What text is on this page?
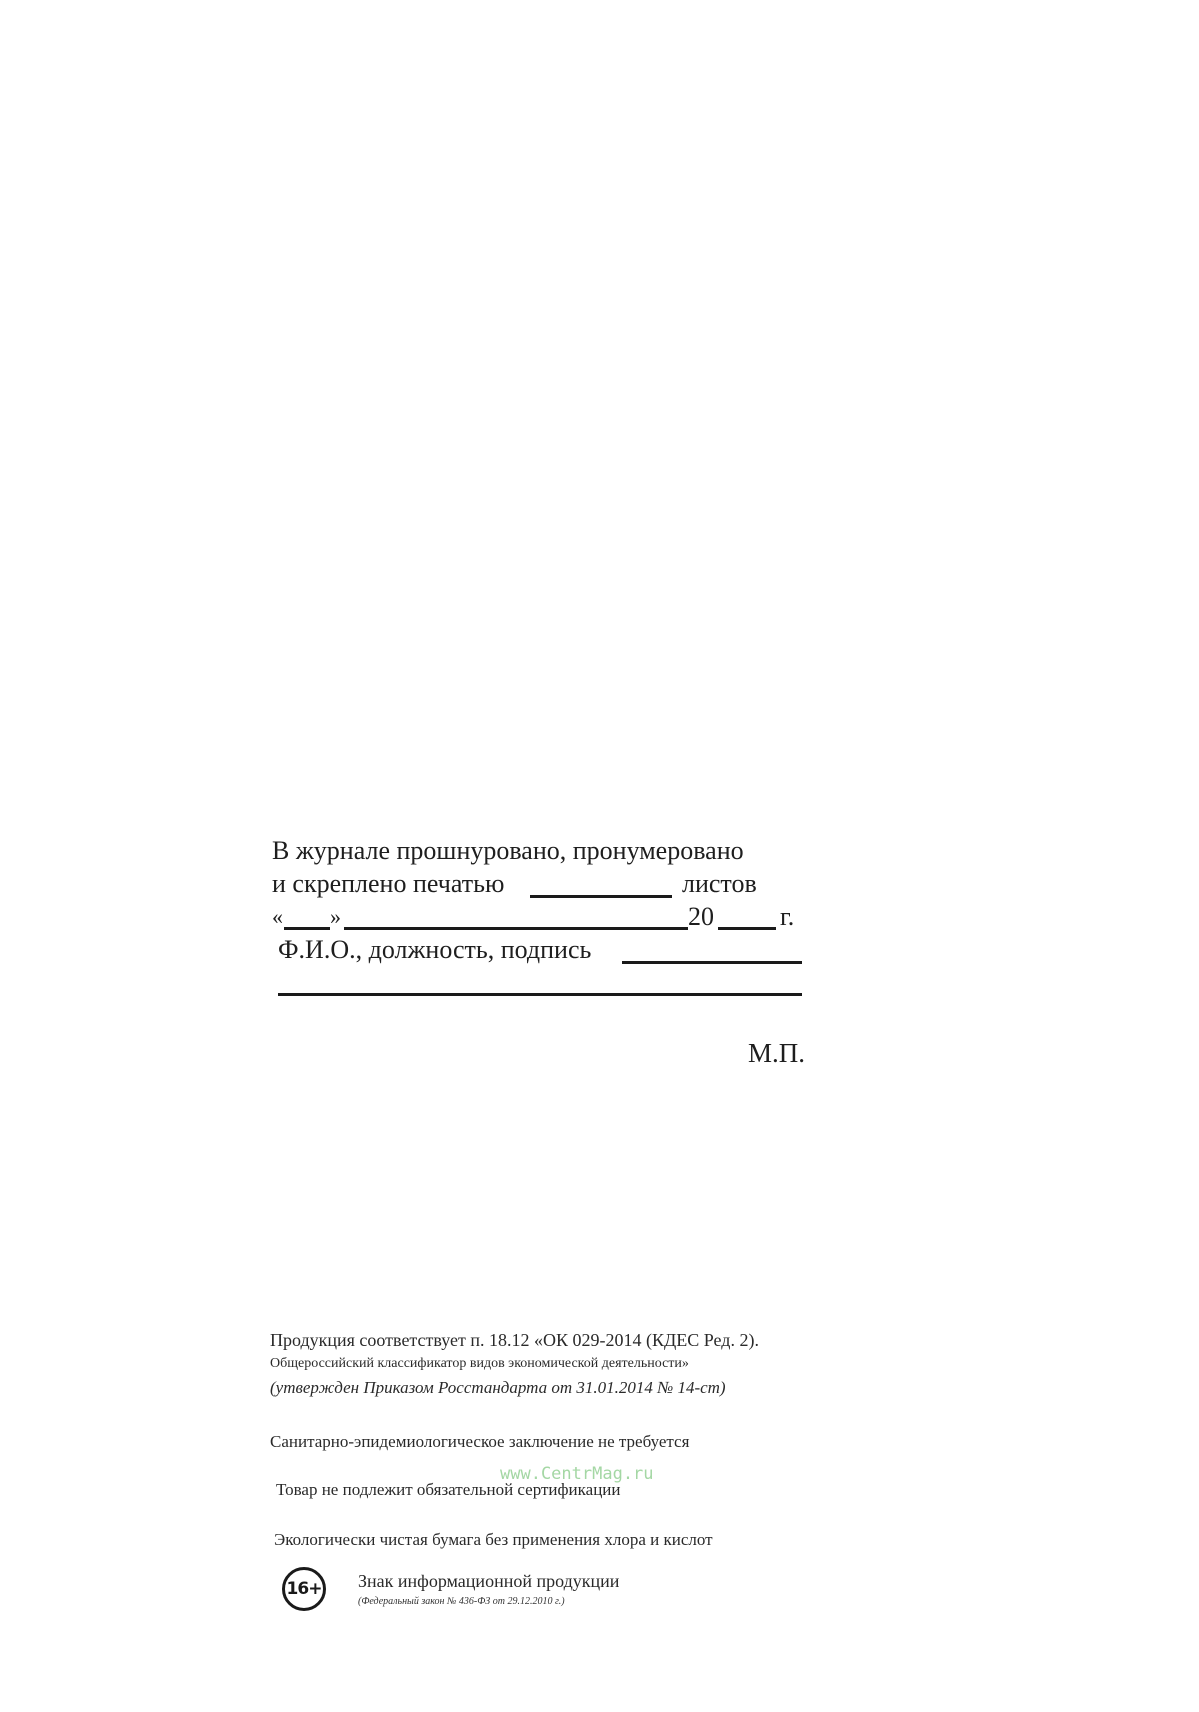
В журнале прошнуровано, пронумеровано
и скреплено печатью	листов
« »	20	г.
Ф.И.О., должность, подпись
М.П.
Продукция соответствует п. 18.12 «ОК 029-2014 (КДЕС Ред. 2).
Общероссийский классификатор видов экономической деятельности»
(утвержден Приказом Росстандарта от 31.01.2014 № 14-ст)
Санитарно-эпидемиологическое заключение не требуется
Товар не подлежит обязательной сертификации
Экологически чистая бумага без применения хлора и кислот
16+ Знак информационной продукции
(Федеральный закон № 436-ФЗ от 29.12.2010 г.)
www.CentrMag.ru
